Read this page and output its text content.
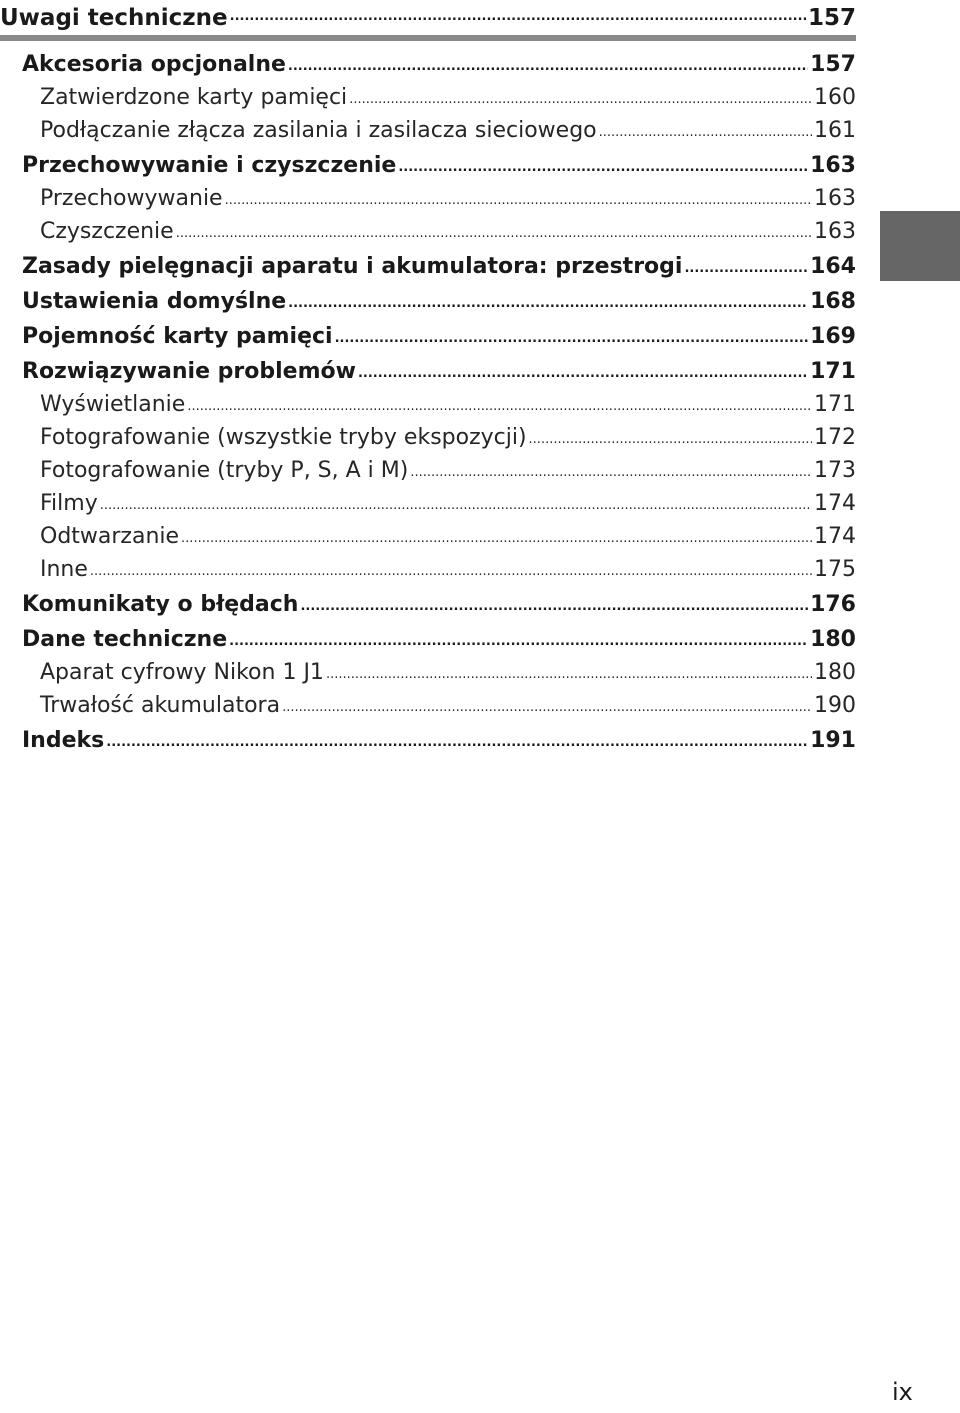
Uwagi techniczne .....	157
Akcesoria opcjonalne .....	157
Zatwierdzone karty pamięci .....	160
Podłączanie złącza zasilania i zasilacza sieciowego .....	161
Przechowywanie i czyszczenie .....	163
Przechowywanie .....	163
Czyszczenie .....	163
Zasady pielęgnacji aparatu i akumulatora: przestrogi .....	164
Ustawienia domyślne .....	168
Pojemność karty pamięci .....	169
Rozwiązywanie problemów .....	171
Wyświetlanie .....	171
Fotografowanie (wszystkie tryby ekspozycji) .....	172
Fotografowanie (tryby P, S, A i M) .....	173
Filmy .....	174
Odtwarzanie .....	174
Inne .....	175
Komunikaty o błędach .....	176
Dane techniczne .....	180
Aparat cyfrowy Nikon 1 J1 .....	180
Trwałość akumulatora .....	190
Indeks .....	191
ix
